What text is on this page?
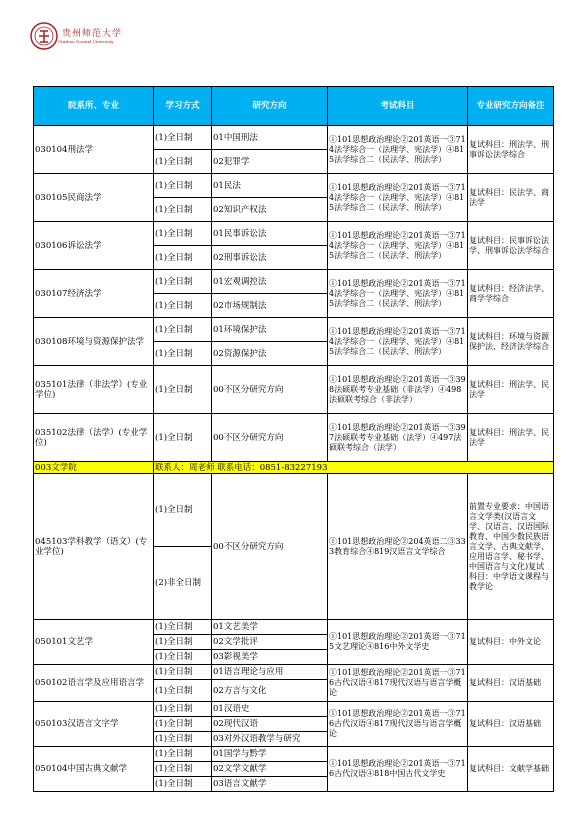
贵州师范大学
Guizhou Normal University
院系所、专业	学习方式	研究方向	考试科目	专业研究方向备注
030104刑法学	(1)全日制	01中国刑法	①101思想政治理论②201英语一③714法学综合一（法理学、宪法学）④815法学综合二（民法学、刑法学）	复试科目：刑法学、刑事诉讼法学综合
	(1)全日制	02犯罪学		
030105民商法学	(1)全日制	01民法	①101思想政治理论②201英语一③714法学综合一（法理学、宪法学）④815法学综合二（民法学、刑法学）	复试科目：民法学、商法学
	(1)全日制	02知识产权法		
030106诉讼法学	(1)全日制	01民事诉讼法	①101思想政治理论②201英语一③714法学综合一（法理学、宪法学）④815法学综合二（民法学、刑法学）	复试科目：民事诉讼法学、刑事诉讼法学综合
	(1)全日制	02刑事诉讼法		
030107经济法学	(1)全日制	01宏观调控法	①101思想政治理论②201英语一③714法学综合一（法理学、宪法学）④815法学综合二（民法学、刑法学）	复试科目：经济法学、商学学综合
	(1)全日制	02市场规制法		
030108环境与资源保护法学	(1)全日制	01环境保护法	①101思想政治理论②201英语一③714法学综合一（法理学、宪法学）④815法学综合二（民法学、刑法学）	复试科目：环境与资源保护法、经济法学综合
	(1)全日制	02资源保护法		
035101法律（非法学）(专业学位)	(1)全日制	00不区分研究方向	①101思想政治理论②201英语一③398法硕联考专业基础（非法学）④498法硕联考综合（非法学）	复试科目：刑法学、民法学
035102法律（法学）(专业学位)	(1)全日制	00不区分研究方向	①101思想政治理论②201英语一③397法硕联考专业基础（法学）④497法硕联考综合（法学）	复试科目：刑法学、民法学
003文学院	联系人：周老师 联系电话：0851-83227193			
045103学科教学（语文）(专业学位)	(1)全日制	00不区分研究方向	①101思想政治理论②204英语二③333教育综合④819汉语言文学综合	前置专业要求：中国语言文学类(汉语言文学、汉语言、汉语国际教育、中国少数民族语言文学、古典文献学、应用语言学、秘书学、中国语言与文化)复试科目：中学语文课程与教学论
	(2)非全日制			
050101文艺学	(1)全日制	01文艺美学	①101思想政治理论②201英语一③715文艺理论④816中外文学史	复试科目：中外文论
	(1)全日制	02文学批评		
	(1)全日制	03影视美学		
050102语言学及应用语言学	(1)全日制	01语言理论与应用	①101思想政治理论②201英语一③716古代汉语④817现代汉语与语言学概论	复试科目：汉语基础
	(1)全日制	02方言与文化		
050103汉语言文字学	(1)全日制	01汉语史	①101思想政治理论②201英语一③716古代汉语④817现代汉语与语言学概论	复试科目：汉语基础
	(1)全日制	02现代汉语		
	(1)全日制	03对外汉语教学与研究		
050104中国古典文献学	(1)全日制	01国学与黔学	①101思想政治理论②201英语一③716古代汉语④818中国古代文学史	复试科目：文献学基础
	(1)全日制	02文学文献学		
	(1)全日制	03语言文献学		
